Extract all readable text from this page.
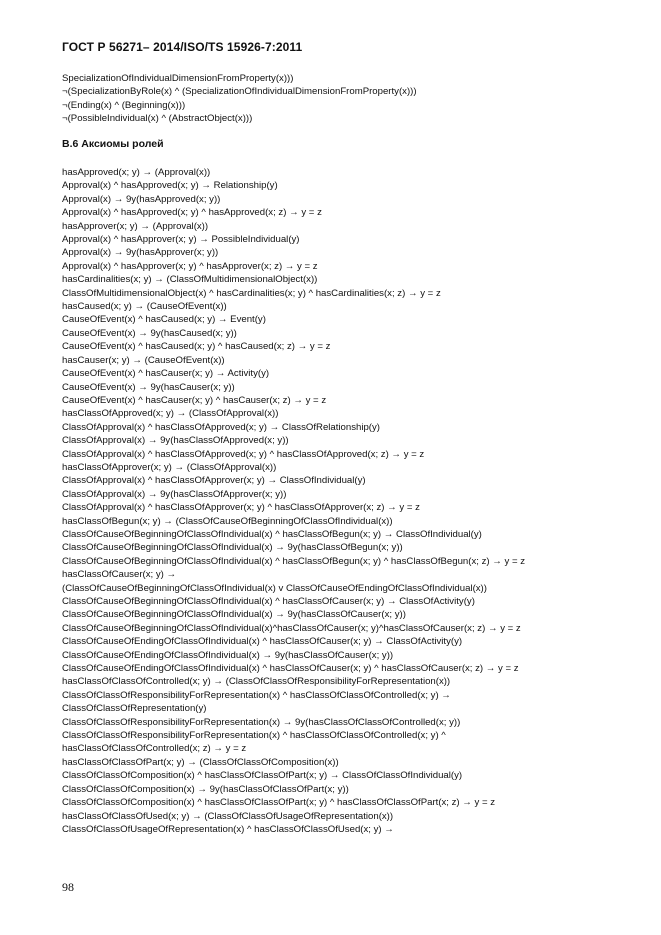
ГОСТ Р 56271– 2014/ISO/TS 15926-7:2011
SpecializationOfIndividualDimensionFromProperty(x)))
¬(SpecializationByRole(x) ^ (SpecializationOfIndividualDimensionFromProperty(x)))
¬(Ending(x) ^ (Beginning(x)))
¬(PossibleIndividual(x) ^ (AbstractObject(x)))
В.6 Аксиомы ролей
hasApproved(x; y) → (Approval(x))
Approval(x) ^ hasApproved(x; y) → Relationship(y)
Approval(x) → 9y(hasApproved(x; y))
Approval(x) ^ hasApproved(x; y) ^ hasApproved(x; z) → y = z
hasApprover(x; y) → (Approval(x))
Approval(x) ^ hasApprover(x; y) → PossibleIndividual(y)
Approval(x) → 9y(hasApprover(x; y))
Approval(x) ^ hasApprover(x; y) ^ hasApprover(x; z) → y = z
hasCardinalities(x; y) → (ClassOfMultidimensionalObject(x))
ClassOfMultidimensionalObject(x) ^ hasCardinalities(x; y) ^ hasCardinalities(x; z) → y = z
hasCaused(x; y) → (CauseOfEvent(x))
CauseOfEvent(x) ^ hasCaused(x; y) → Event(y)
CauseOfEvent(x) → 9y(hasCaused(x; y))
CauseOfEvent(x) ^ hasCaused(x; y) ^ hasCaused(x; z) → y = z
hasCauser(x; y) → (CauseOfEvent(x))
CauseOfEvent(x) ^ hasCauser(x; y) → Activity(y)
CauseOfEvent(x) → 9y(hasCauser(x; y))
CauseOfEvent(x) ^ hasCauser(x; y) ^ hasCauser(x; z) → y = z
hasClassOfApproved(x; y) → (ClassOfApproval(x))
ClassOfApproval(x) ^ hasClassOfApproved(x; y) → ClassOfRelationship(y)
ClassOfApproval(x) → 9y(hasClassOfApproved(x; y))
ClassOfApproval(x) ^ hasClassOfApproved(x; y) ^ hasClassOfApproved(x; z) → y = z
hasClassOfApprover(x; y) → (ClassOfApproval(x))
ClassOfApproval(x) ^ hasClassOfApprover(x; y) → ClassOfIndividual(y)
ClassOfApproval(x) → 9y(hasClassOfApprover(x; y))
ClassOfApproval(x) ^ hasClassOfApprover(x; y) ^ hasClassOfApprover(x; z) → y = z
hasClassOfBegun(x; y) → (ClassOfCauseOfBeginningOfClassOfIndividual(x))
ClassOfCauseOfBeginningOfClassOfIndividual(x) ^ hasClassOfBegun(x; y) → ClassOfIndividual(y)
ClassOfCauseOfBeginningOfClassOfIndividual(x) → 9y(hasClassOfBegun(x; y))
ClassOfCauseOfBeginningOfClassOfIndividual(x) ^ hasClassOfBegun(x; y) ^ hasClassOfBegun(x; z) → y = z
hasClassOfCauser(x; y) →
(ClassOfCauseOfBeginningOfClassOfIndividual(x) v ClassOfCauseOfEndingOfClassOfIndividual(x))
ClassOfCauseOfBeginningOfClassOfIndividual(x) ^ hasClassOfCauser(x; y) → ClassOfActivity(y)
ClassOfCauseOfBeginningOfClassOfIndividual(x) → 9y(hasClassOfCauser(x; y))
ClassOfCauseOfBeginningOfClassOfIndividual(x)^hasClassOfCauser(x; y)^hasClassOfCauser(x; z) → y = z
ClassOfCauseOfEndingOfClassOfIndividual(x) ^ hasClassOfCauser(x; y) → ClassOfActivity(y)
ClassOfCauseOfEndingOfClassOfIndividual(x) → 9y(hasClassOfCauser(x; y))
ClassOfCauseOfEndingOfClassOfIndividual(x) ^ hasClassOfCauser(x; y) ^ hasClassOfCauser(x; z) → y = z
hasClassOfClassOfControlled(x; y) → (ClassOfClassOfResponsibilityForRepresentation(x))
ClassOfClassOfResponsibilityForRepresentation(x) ^ hasClassOfClassOfControlled(x; y) →
ClassOfClassOfRepresentation(y)
ClassOfClassOfResponsibilityForRepresentation(x) → 9y(hasClassOfClassOfControlled(x; y))
ClassOfClassOfResponsibilityForRepresentation(x) ^ hasClassOfClassOfControlled(x; y) ^
hasClassOfClassOfControlled(x; z) → y = z
hasClassOfClassOfPart(x; y) → (ClassOfClassOfComposition(x))
ClassOfClassOfComposition(x) ^ hasClassOfClassOfPart(x; y) → ClassOfClassOfIndividual(y)
ClassOfClassOfComposition(x) → 9y(hasClassOfClassOfPart(x; y))
ClassOfClassOfComposition(x) ^ hasClassOfClassOfPart(x; y) ^ hasClassOfClassOfPart(x; z) → y = z
hasClassOfClassOfUsed(x; y) → (ClassOfClassOfUsageOfRepresentation(x))
ClassOfClassOfUsageOfRepresentation(x) ^ hasClassOfClassOfUsed(x; y) →
98
